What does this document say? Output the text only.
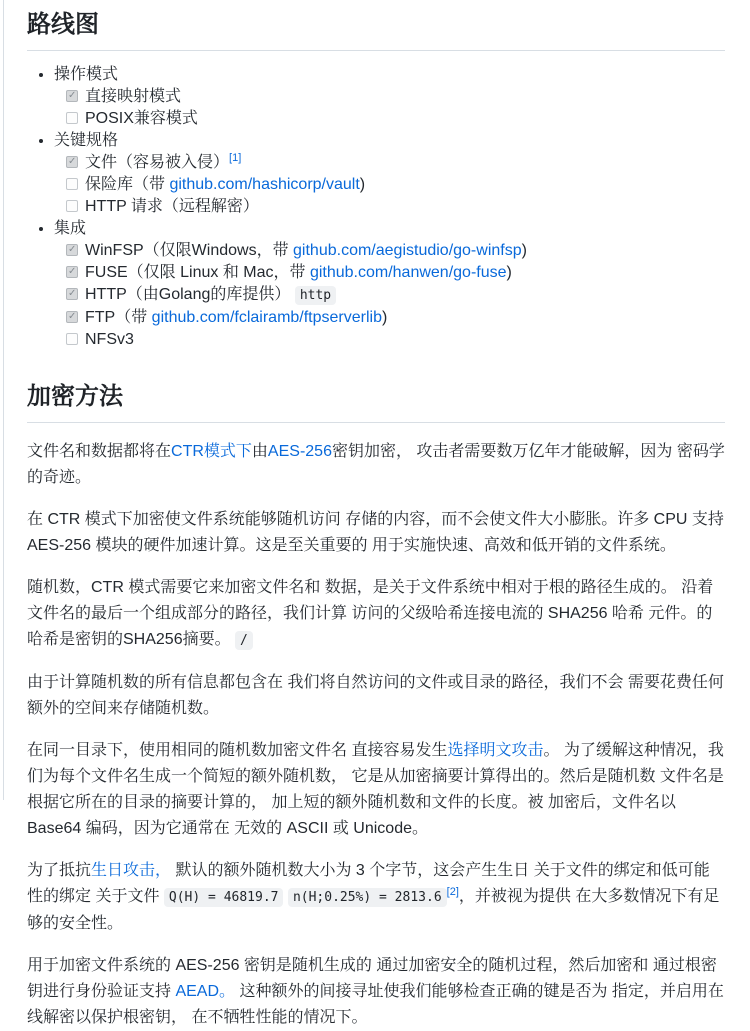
路线图
• 操作模式
✓直接映射模式
POSIX兼容模式
• 关键规格
✓文件（容易被入侵）[1]
保险库（带 github.com/hashicorp/vault)
HTTP 请求（远程解密）
• 集成
✓WinFSP（仅限Windows，带 github.com/aegistudio/go-winfsp)
✓FUSE（仅限 Linux 和 Mac，带 github.com/hanwen/go-fuse)
✓HTTP（由Golang的库提供） http
✓FTP（带 github.com/fclairamb/ftpserverlib)
NFSv3
加密方法

文件名和数据都将在CTR模式下由AES-256密钥加密， 攻击者需要数万亿年才能破解，因为 密码学的奇迹。

在 CTR 模式下加密使文件系统能够随机访问 存储的内容，而不会使文件大小膨胀。许多 CPU 支持 AES-256 模块的硬件加速计算。这是至关重要的 用于实施快速、高效和低开销的文件系统。

随机数，CTR 模式需要它来加密文件名和 数据，是关于文件系统中相对于根的路径生成的。 沿着文件名的最后一个组成部分的路径，我们计算 访问的父级哈希连接电流的 SHA256 哈希 元件。的哈希是密钥的SHA256摘要。 /

由于计算随机数的所有信息都包含在 我们将自然访问的文件或目录的路径，我们不会 需要花费任何额外的空间来存储随机数。

在同一目录下，使用相同的随机数加密文件名 直接容易发生选择明文攻击。 为了缓解这种情况，我们为每个文件名生成一个简短的额外随机数， 它是从加密摘要计算得出的。然后是随机数 文件名是根据它所在的目录的摘要计算的， 加上短的额外随机数和文件的长度。被 加密后，文件名以 Base64 编码，因为它通常在 无效的 ASCII 或 Unicode。

为了抵抗生日攻击， 默认的额外随机数大小为 3 个字节，这会产生生日 关于文件的绑定和低可能性的绑定 关于文件 Q(H) = 46819.7 n(H;0.25%) = 2813.6 [2]，并被视为提供 在大多数情况下有足够的安全性。

用于加密文件系统的 AES-256 密钥是随机生成的 通过加密安全的随机过程，然后加密和 通过根密钥进行身份验证支持 AEAD。 这种额外的间接寻址使我们能够检查正确的键是否为 指定，并启用在线解密以保护根密钥， 在不牺牲性能的情况下。
